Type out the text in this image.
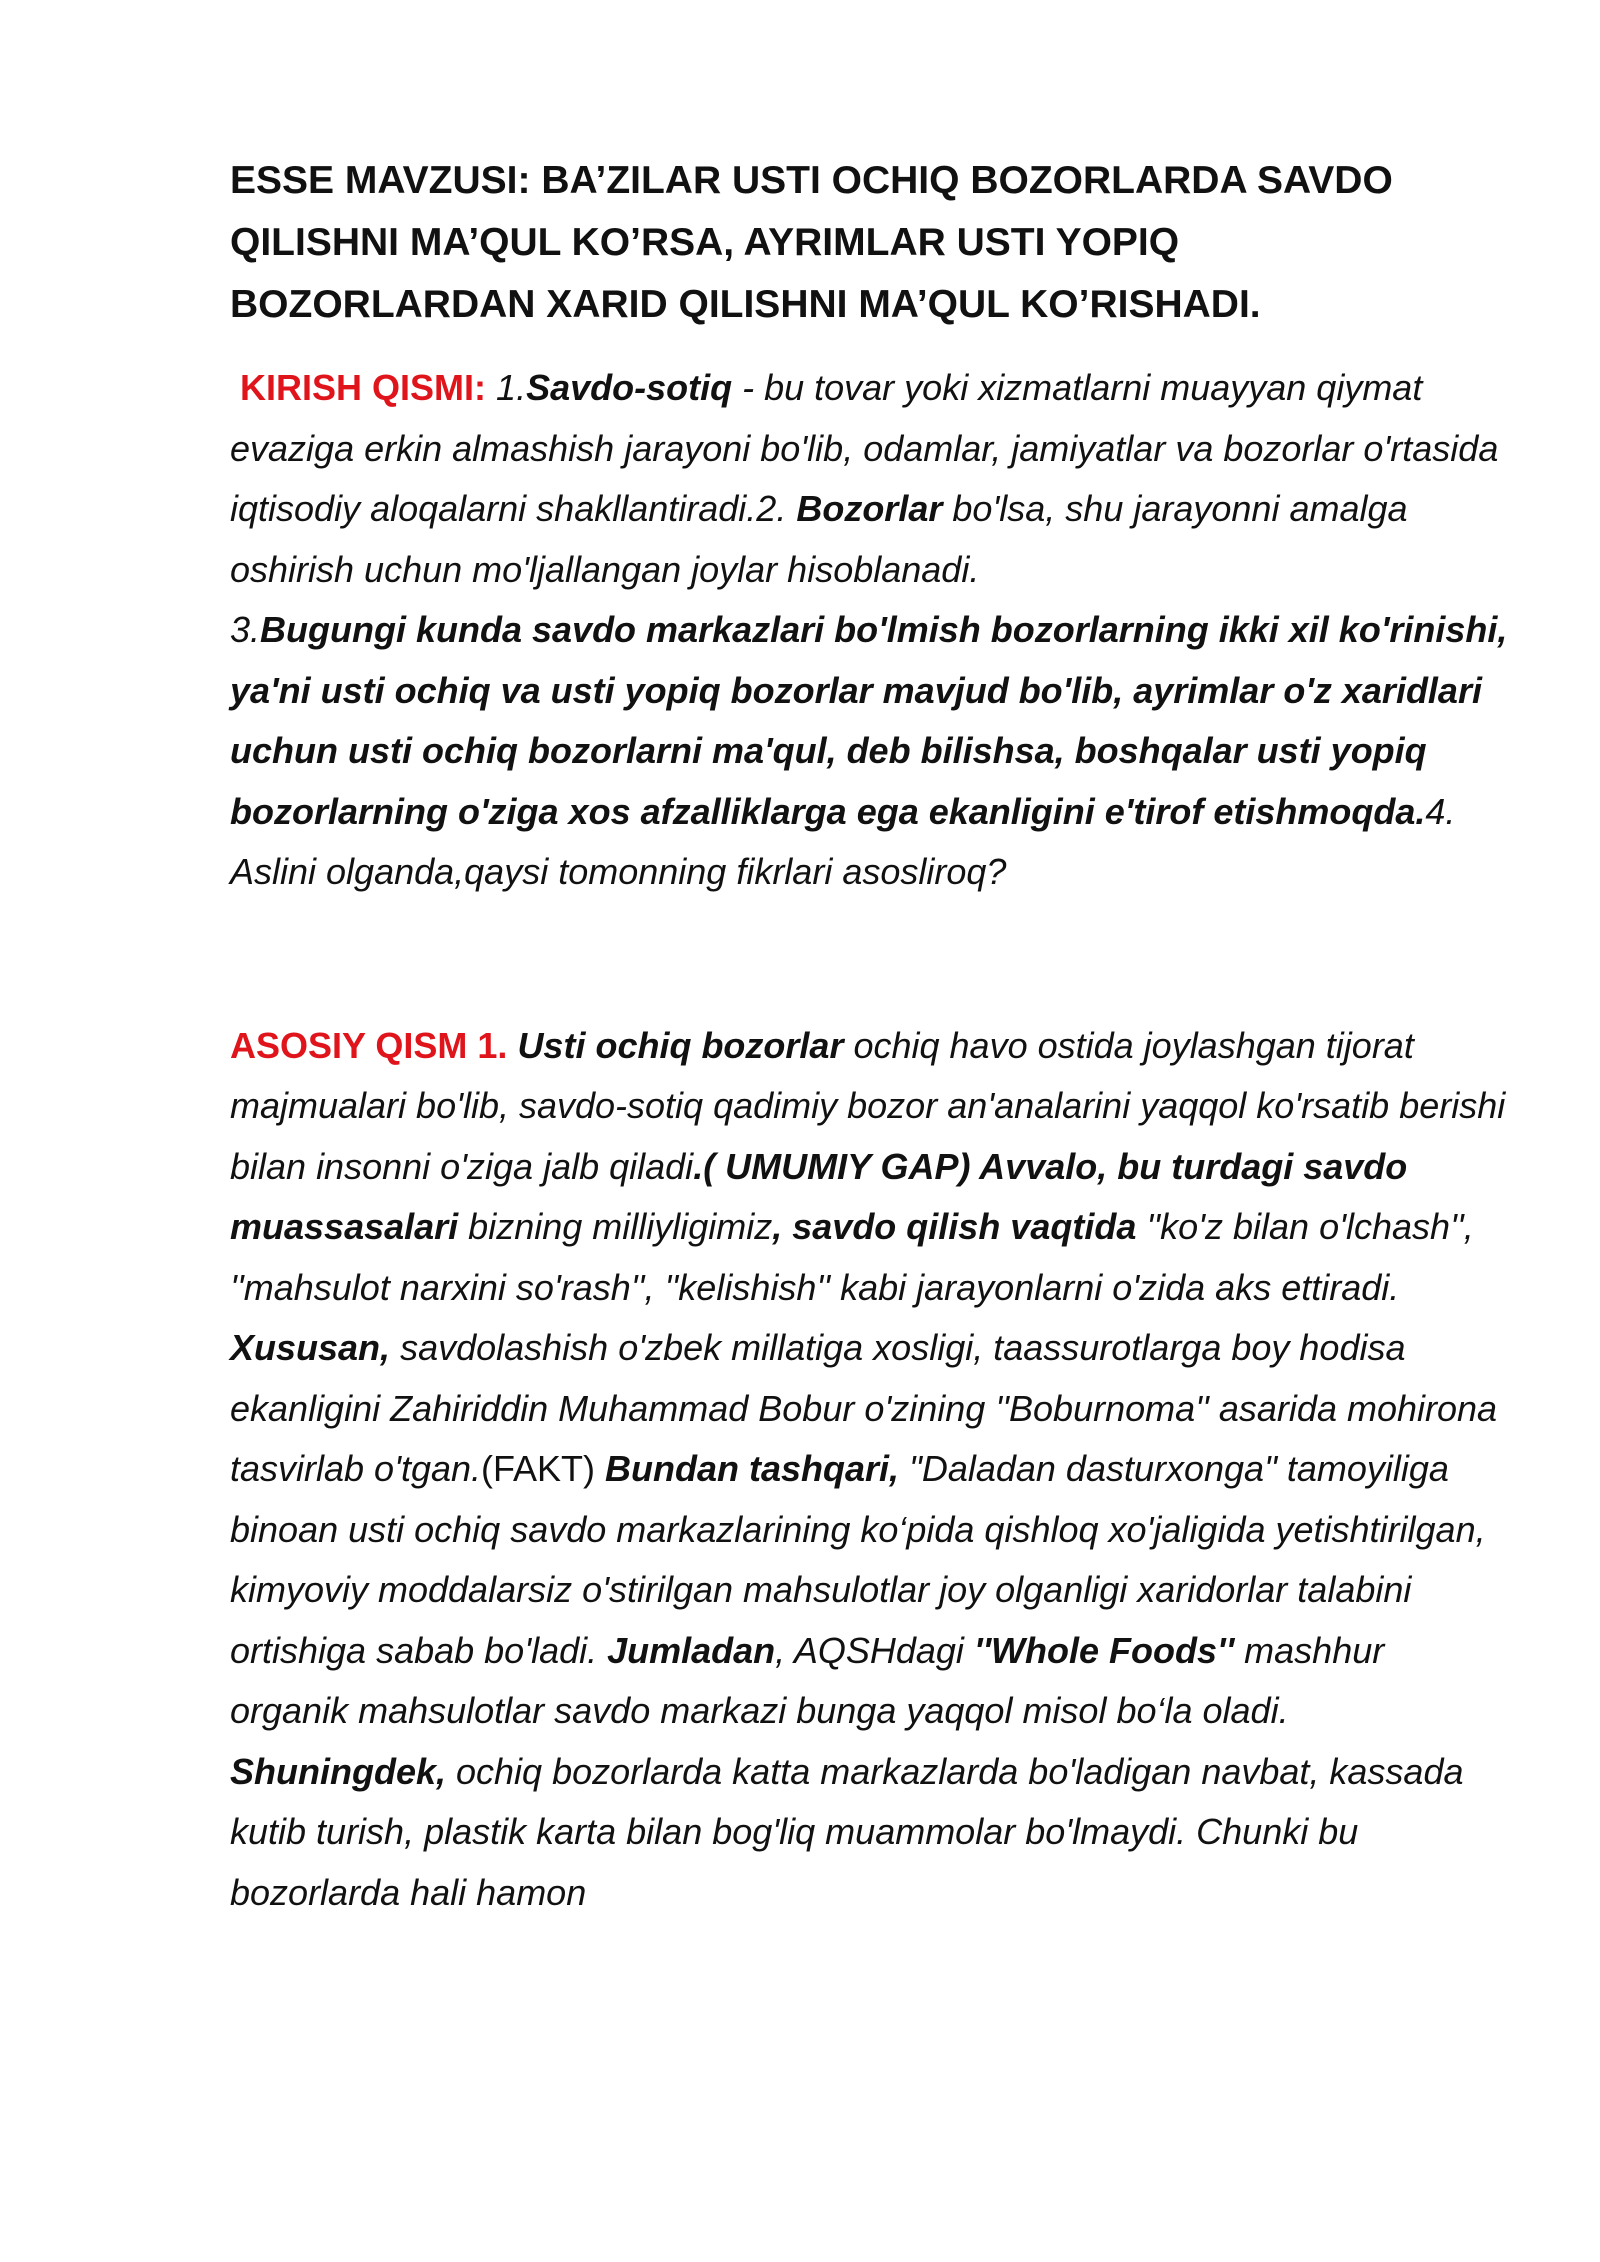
ESSE MAVZUSI: BA’ZILAR USTI OCHIQ BOZORLARDA SAVDO
QILISHNI MA’QUL KO’RSA, AYRIMLAR USTI YOPIQ
BOZORLARDAN XARID QILISHNI MA’QUL KO’RISHADI.

KIRISH QISMI: 1.Savdo-sotiq - bu tovar yoki xizmatlarni muayyan qiymat evaziga erkin almashish jarayoni bo'lib, odamlar, jamiyatlar va bozorlar o'rtasida iqtisodiy aloqalarni shakllantiradi.2. Bozorlar bo'lsa, shu jarayonni amalga oshirish uchun mo'ljallangan joylar hisoblanadi.
3.Bugungi kunda savdo markazlari bo'lmish bozorlarning ikki xil ko'rinishi, ya'ni usti ochiq va usti yopiq bozorlar mavjud bo'lib, ayrimlar o'z xaridlari uchun usti ochiq bozorlarni ma'qul, deb bilishsa, boshqalar usti yopiq bozorlarning o'ziga xos afzalliklarga ega ekanligini e'tirof etishmoqda.4. Aslini olganda,qaysi tomonning fikrlari asosliroq?

ASOSIY QISM 1. Usti ochiq bozorlar ochiq havo ostida joylashgan tijorat majmualari bo'lib, savdo-sotiq qadimiy bozor an'analarini yaqqol ko'rsatib berishi bilan insonni o'ziga jalb qiladi.( UMUMIY GAP) Avvalo, bu turdagi savdo muassasalari bizning milliyligimiz, savdo qilish vaqtida ''ko'z bilan o'lchash'', ''mahsulot narxini so'rash'', ''kelishish'' kabi jarayonlarni o'zida aks ettiradi. Xususan, savdolashish o'zbek millatiga xosligi, taassurotlarga boy hodisa ekanligini Zahiriddin Muhammad Bobur o'zining ''Boburnoma'' asarida mohirona tasvirlab o'tgan.(FAKT) Bundan tashqari, "Daladan dasturxonga" tamoyiliga binoan usti ochiq savdo markazlarining ko‘pida qishloq xo'jaligida yetishtirilgan, kimyoviy moddalarsiz o'stirilgan mahsulotlar joy olganligi xaridorlar talabini ortishiga sabab bo'ladi. Jumladan, AQSHdagi ''Whole Foods'' mashhur organik mahsulotlar savdo markazi bunga yaqqol misol bo‘la oladi. Shuningdek, ochiq bozorlarda katta markazlarda bo'ladigan navbat, kassada kutib turish, plastik karta bilan bog'liq muammolar bo'lmaydi. Chunki bu bozorlarda hali hamon
